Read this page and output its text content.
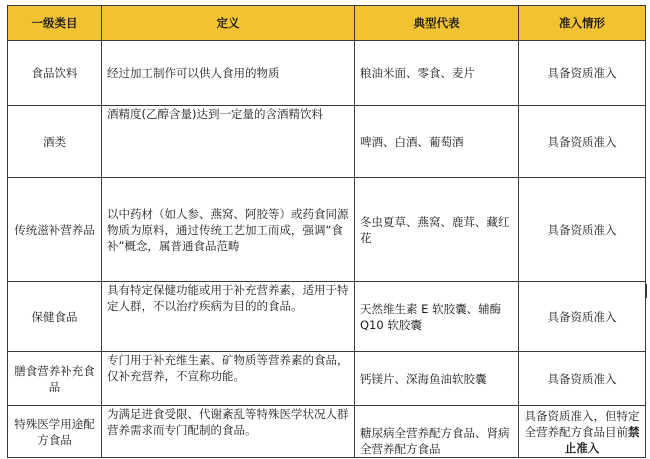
一级类目	定义	典型代表	准入情形
食品饮料	经过加工制作可以供人食用的物质	粮油米面、零食、麦片	具备资质准入
酒类	酒精度(乙醇含量)达到一定量的含酒精饮料	啤酒、白酒、葡萄酒	具备资质准入
传统滋补营养品	以中药材（如人参、燕窝、阿胶等）或药食同源物质为原料，通过传统工艺加工而成，强调“食补”概念，属普通食品范畴	冬虫夏草、燕窝、鹿茸、藏红花	具备资质准入
保健食品	具有特定保健功能或用于补充营养素，适用于特定人群，不以治疗疾病为目的的食品。	天然维生素 E 软胶囊、辅酶 Q10 软胶囊	具备资质准入
膳食营养补充食品	专门用于补充维生素、矿物质等营养素的食品，仅补充营养，不宣称功能。	钙镁片、深海鱼油软胶囊	具备资质准入
特殊医学用途配方食品	为满足进食受限、代谢紊乱等特殊医学状况人群营养需求而专门配制的食品。	糖尿病全营养配方食品、肾病全营养配方食品	具备资质准入，但特定全营养配方食品目前禁止准入
